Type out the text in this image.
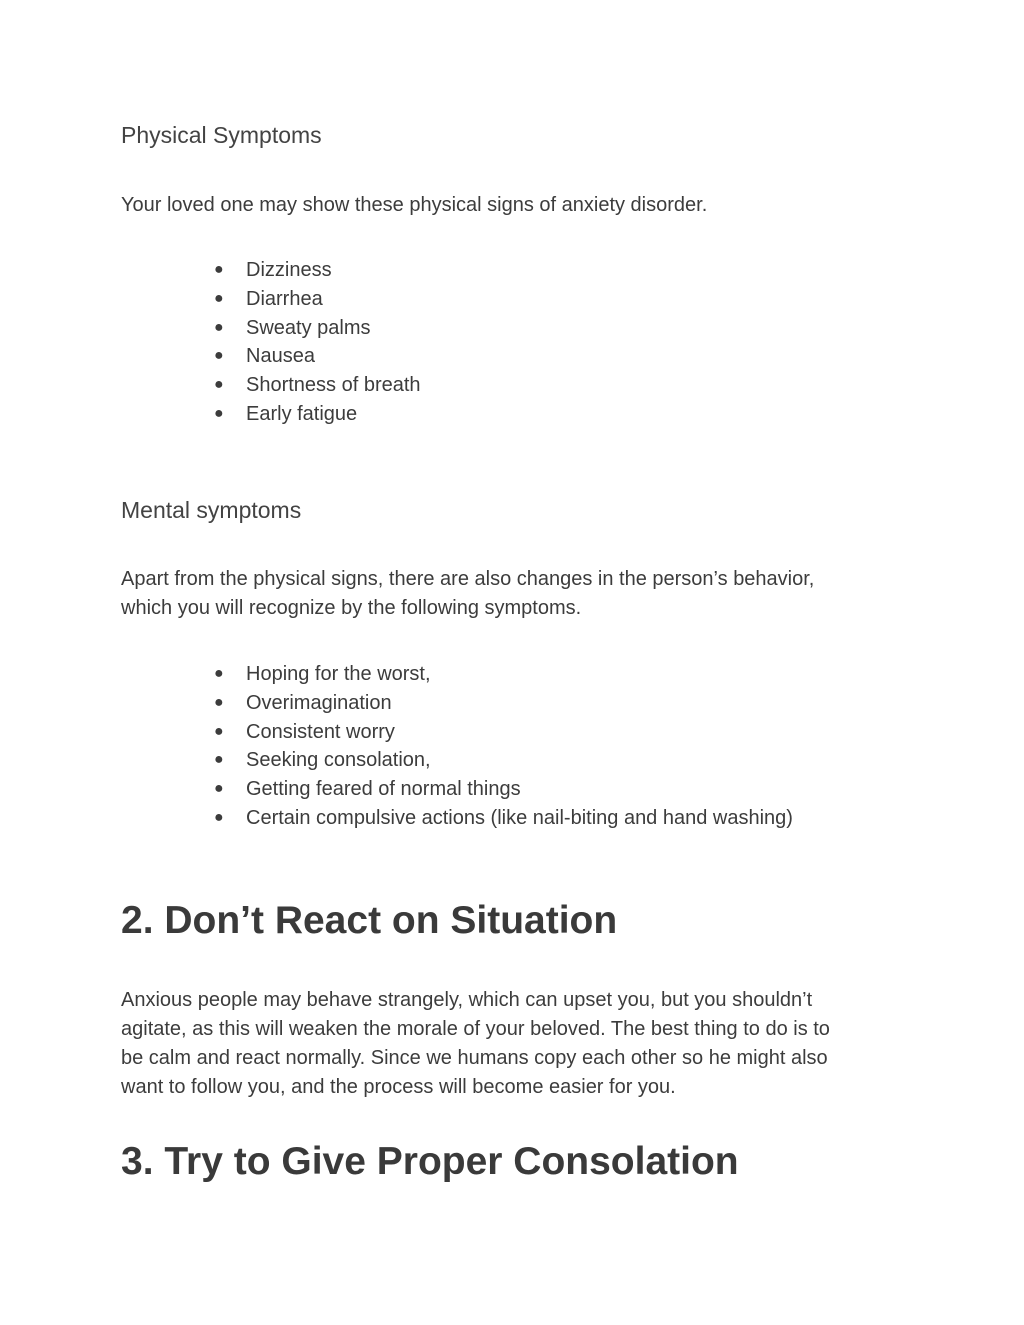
Physical Symptoms

Your loved one may show these physical signs of anxiety disorder.

● Dizziness
● Diarrhea
● Sweaty palms
● Nausea
● Shortness of breath
● Early fatigue
Mental symptoms
Apart from the physical signs, there are also changes in the person’s behavior,
which you will recognize by the following symptoms.
● Hoping for the worst,
● Overimagination
● Consistent worry
● Seeking consolation,
● Getting feared of normal things
● Certain compulsive actions (like nail-biting and hand washing)
2. Don’t React on Situation
Anxious people may behave strangely, which can upset you, but you shouldn’t
agitate, as this will weaken the morale of your beloved. The best thing to do is to
be calm and react normally. Since we humans copy each other so he might also
want to follow you, and the process will become easier for you.
3. Try to Give Proper Consolation
